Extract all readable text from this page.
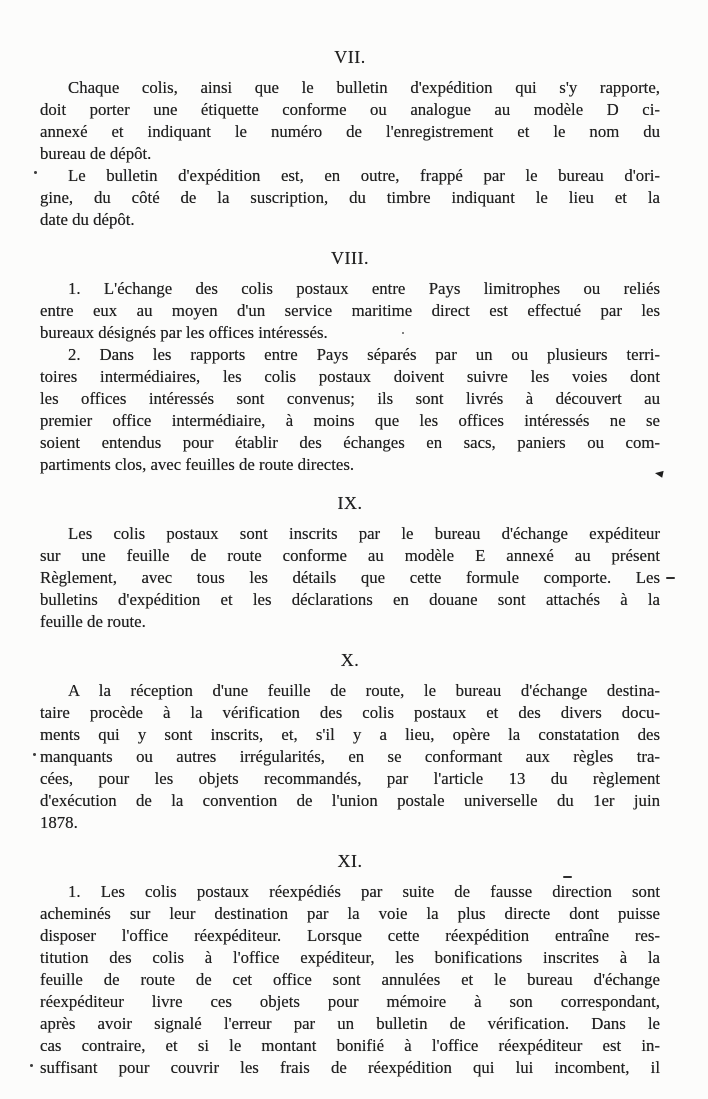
VII.
Chaque colis, ainsi que le bulletin d'expédition qui s'y rapporte,
doit porter une étiquette conforme ou analogue au modèle D ci-
annexé et indiquant le numéro de l'enregistrement et le nom du
bureau de dépôt.
Le bulletin d'expédition est, en outre, frappé par le bureau d'ori-
gine, du côté de la suscription, du timbre indiquant le lieu et la
date du dépôt.
VIII.
1. L'échange des colis postaux entre Pays limitrophes ou reliés
entre eux au moyen d'un service maritime direct est effectué par les
bureaux désignés par les offices intéressés.
2. Dans les rapports entre Pays séparés par un ou plusieurs terri-
toires intermédiaires, les colis postaux doivent suivre les voies dont
les offices intéressés sont convenus; ils sont livrés à découvert au
premier office intermédiaire, à moins que les offices intéressés ne se
soient entendus pour établir des échanges en sacs, paniers ou com-
partiments clos, avec feuilles de route directes.
IX.
Les colis postaux sont inscrits par le bureau d'échange expéditeur
sur une feuille de route conforme au modèle E annexé au présent
Règlement, avec tous les détails que cette formule comporte. Les
bulletins d'expédition et les déclarations en douane sont attachés à la
feuille de route.
X.
A la réception d'une feuille de route, le bureau d'échange destina-
taire procède à la vérification des colis postaux et des divers docu-
ments qui y sont inscrits, et, s'il y a lieu, opère la constatation des
manquants ou autres irrégularités, en se conformant aux règles tra-
cées, pour les objets recommandés, par l'article 13 du règlement
d'exécution de la convention de l'union postale universelle du 1er juin
1878.
XI.
1. Les colis postaux réexpédiés par suite de fausse direction sont
acheminés sur leur destination par la voie la plus directe dont puisse
disposer l'office réexpéditeur. Lorsque cette réexpédition entraîne res-
titution des colis à l'office expéditeur, les bonifications inscrites à la
feuille de route de cet office sont annulées et le bureau d'échange
réexpéditeur livre ces objets pour mémoire à son correspondant,
après avoir signalé l'erreur par un bulletin de vérification. Dans le
cas contraire, et si le montant bonifié à l'office réexpéditeur est in-
suffisant pour couvrir les frais de réexpédition qui lui incombent, il
